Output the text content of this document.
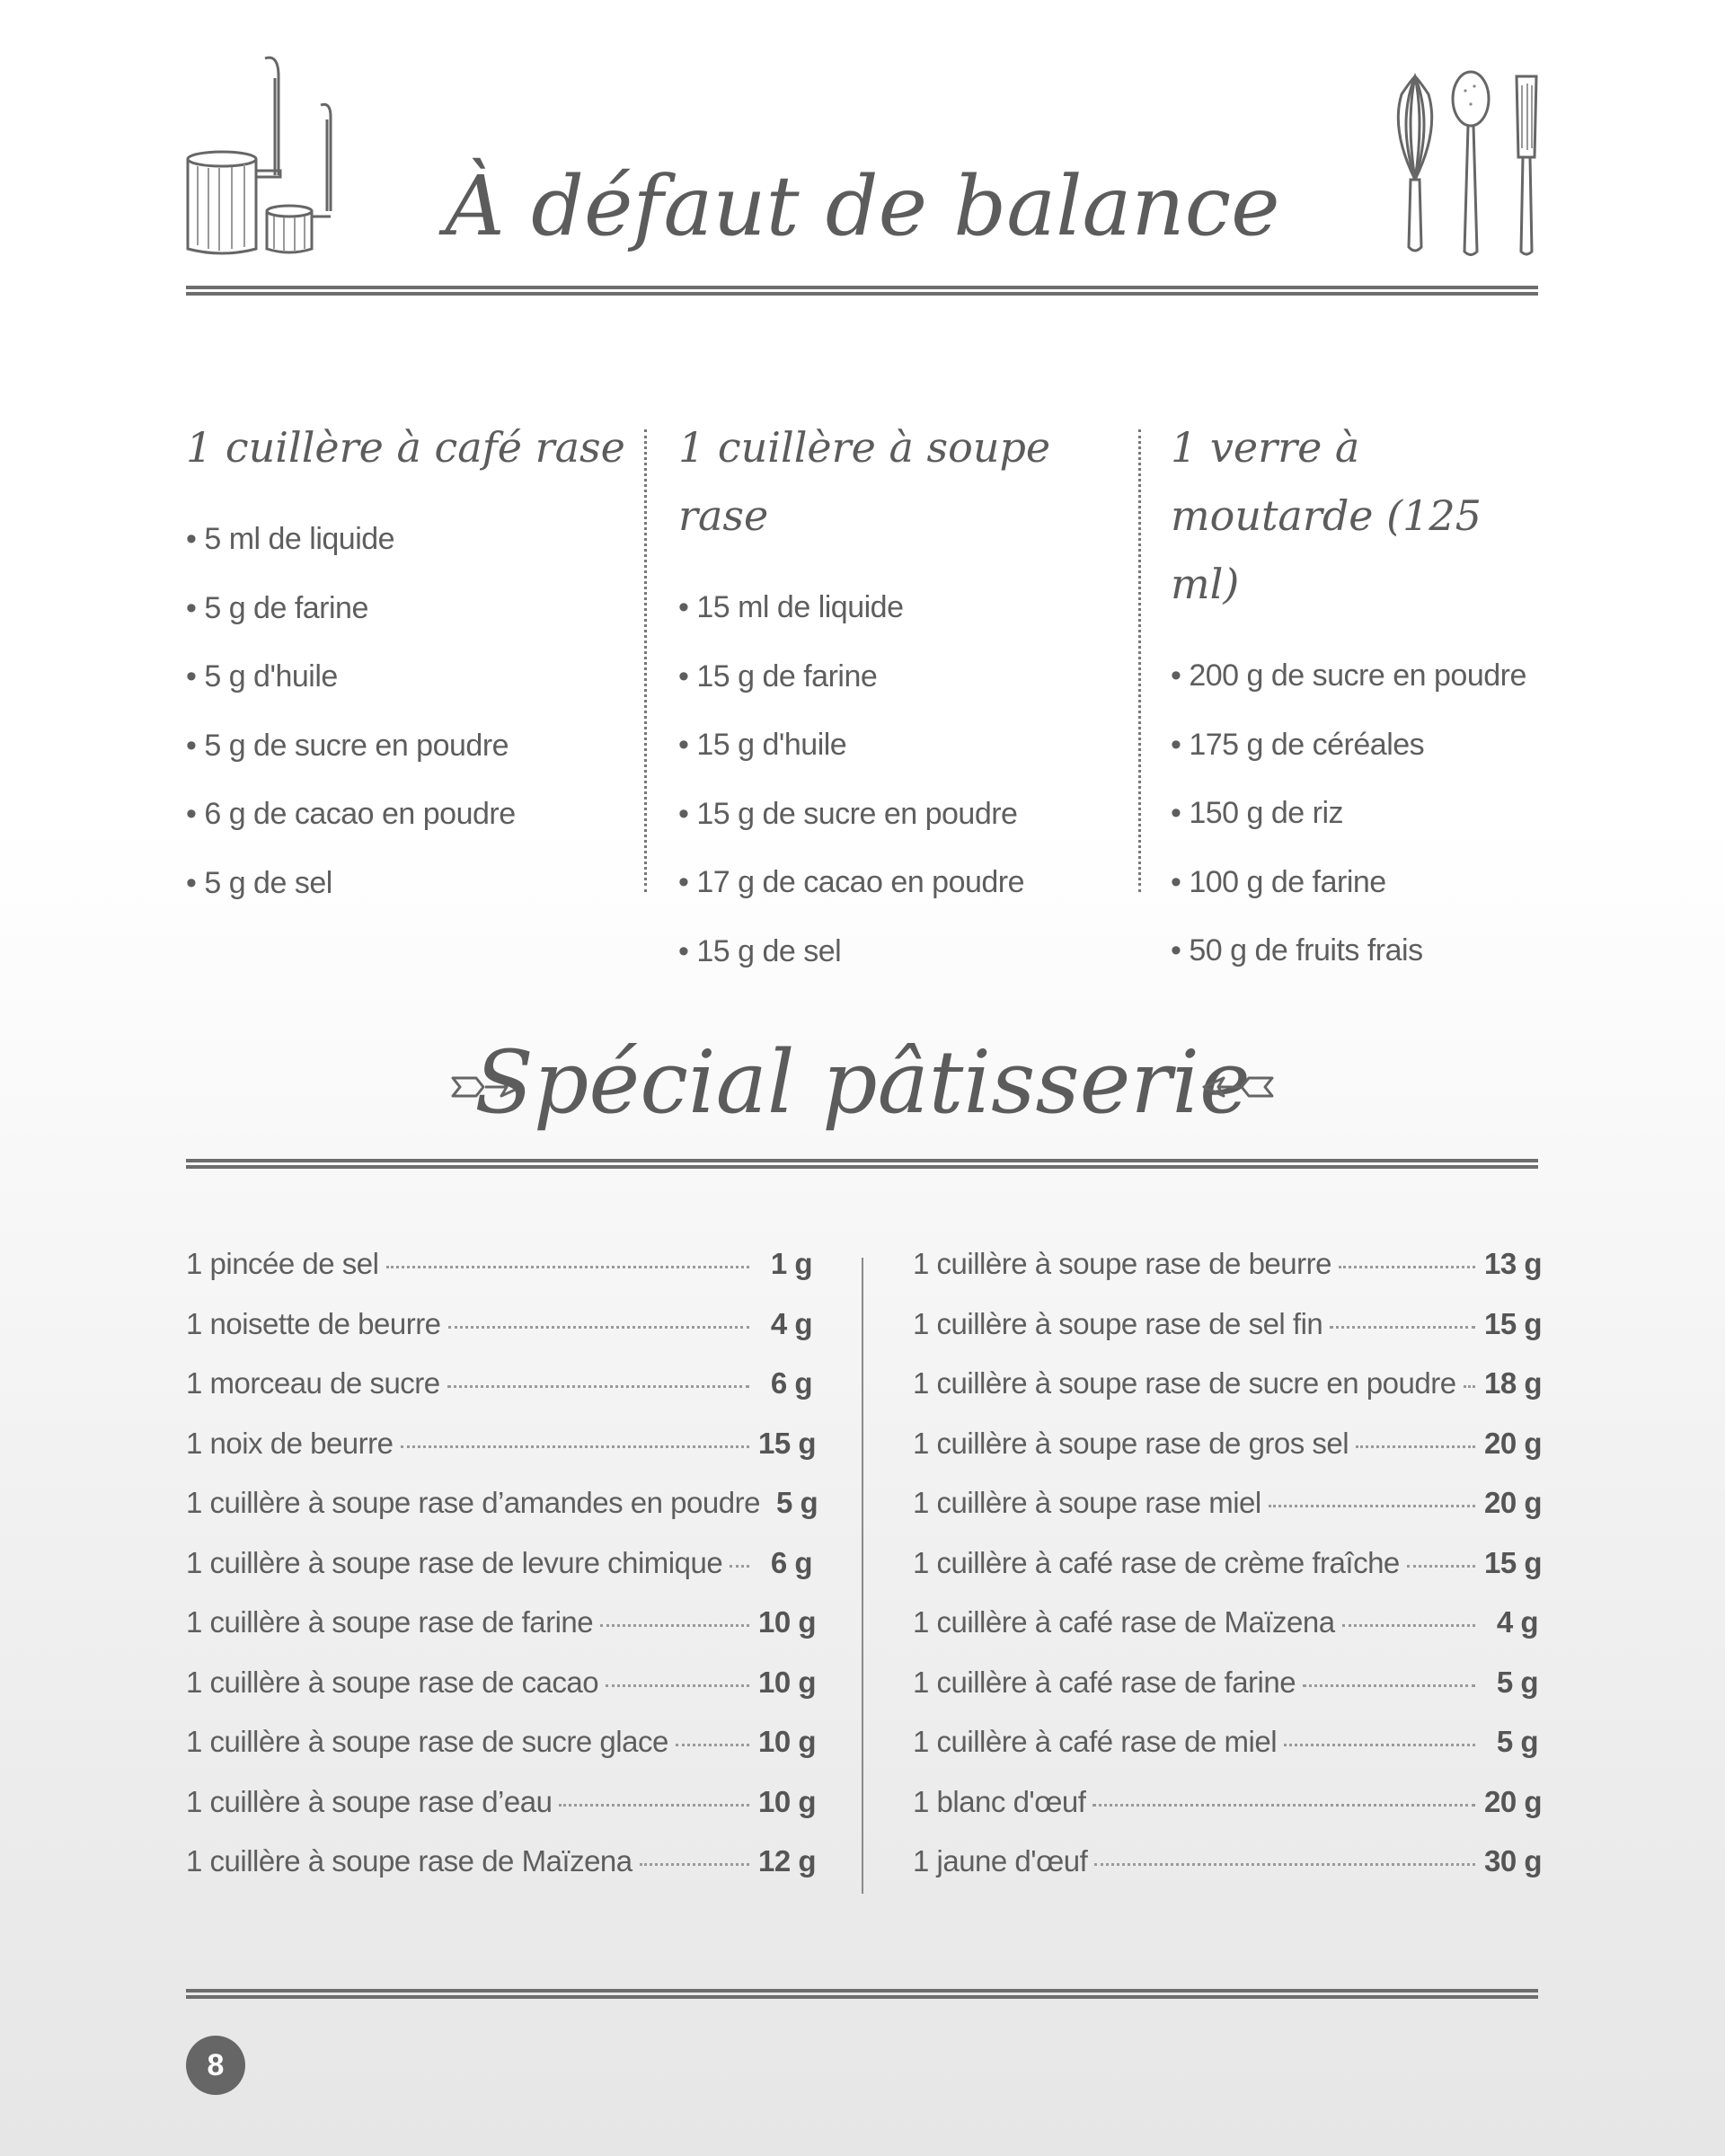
À défaut de balance
1 cuillère à café rase
• 5 ml de liquide
• 5 g de farine
• 5 g d'huile
• 5 g de sucre en poudre
• 6 g de cacao en poudre
• 5 g de sel
1 cuillère à soupe rase
• 15 ml de liquide
• 15 g de farine
• 15 g d'huile
• 15 g de sucre en poudre
• 17 g de cacao en poudre
• 15 g de sel
1 verre à moutarde (125 ml)
• 200 g de sucre en poudre
• 175 g de céréales
• 150 g de riz
• 100 g de farine
• 50 g de fruits frais
Spécial pâtisserie
1 pincée de sel	1 g
1 noisette de beurre	4 g
1 morceau de sucre	6 g
1 noix de beurre	15 g
1 cuillère à soupe rase d’amandes en poudre 5 g
1 cuillère à soupe rase de levure chimique	6 g
1 cuillère à soupe rase de farine	10 g
1 cuillère à soupe rase de cacao	10 g
1 cuillère à soupe rase de sucre glace	10 g
1 cuillère à soupe rase d’eau	10 g
1 cuillère à soupe rase de Maïzena	12 g
1 cuillère à soupe rase de beurre	13 g
1 cuillère à soupe rase de sel fin	15 g
1 cuillère à soupe rase de sucre en poudre 18 g
1 cuillère à soupe rase de gros sel	20 g
1 cuillère à soupe rase miel	20 g
1 cuillère à café rase de crème fraîche	15 g
1 cuillère à café rase de Maïzena	4 g
1 cuillère à café rase de farine	5 g
1 cuillère à café rase de miel	5 g
1 blanc d'œuf	20 g
1 jaune d'œuf	30 g
8
